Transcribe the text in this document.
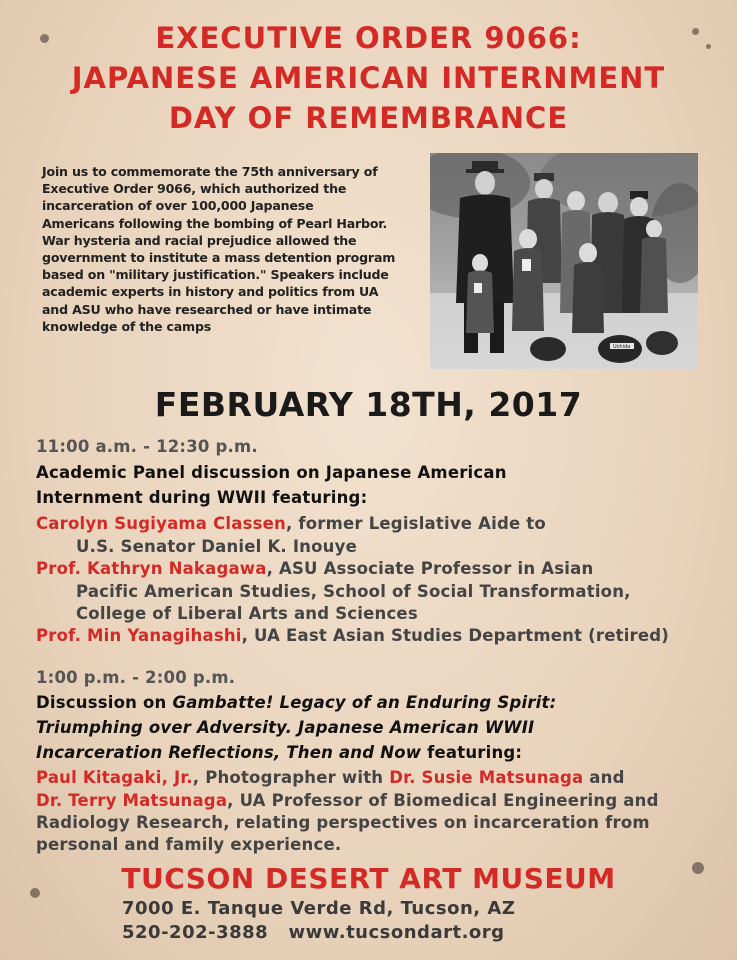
EXECUTIVE ORDER 9066:
JAPANESE AMERICAN INTERNMENT
DAY OF REMEMBRANCE
Join us to commemorate the 75th anniversary of
Executive Order 9066, which authorized the
incarceration of over 100,000 Japanese
Americans following the bombing of Pearl Harbor.
War hysteria and racial prejudice allowed the
government to institute a mass detention program
based on "military justification." Speakers include
academic experts in history and politics from UA
and ASU who have researched or have intimate
knowledge of the camps
Uchida
FEBRUARY 18TH, 2017
11:00 a.m. - 12:30 p.m.
Academic Panel discussion on Japanese American
Internment during WWII featuring:
Carolyn Sugiyama Classen, former Legislative Aide to
U.S. Senator Daniel K. Inouye
Prof. Kathryn Nakagawa, ASU Associate Professor in Asian
Pacific American Studies, School of Social Transformation,
College of Liberal Arts and Sciences
Prof. Min Yanagihashi, UA East Asian Studies Department (retired)
1:00 p.m. - 2:00 p.m.
Discussion on Gambatte! Legacy of an Enduring Spirit:
Triumphing over Adversity. Japanese American WWII
Incarceration Reflections, Then and Now featuring:
Paul Kitagaki, Jr., Photographer with Dr. Susie Matsunaga and
Dr. Terry Matsunaga, UA Professor of Biomedical Engineering and
Radiology Research, relating perspectives on incarceration from
personal and family experience.
TUCSON DESERT ART MUSEUM
7000 E. Tanque Verde Rd, Tucson, AZ
520-202-3888 www.tucsondart.org
